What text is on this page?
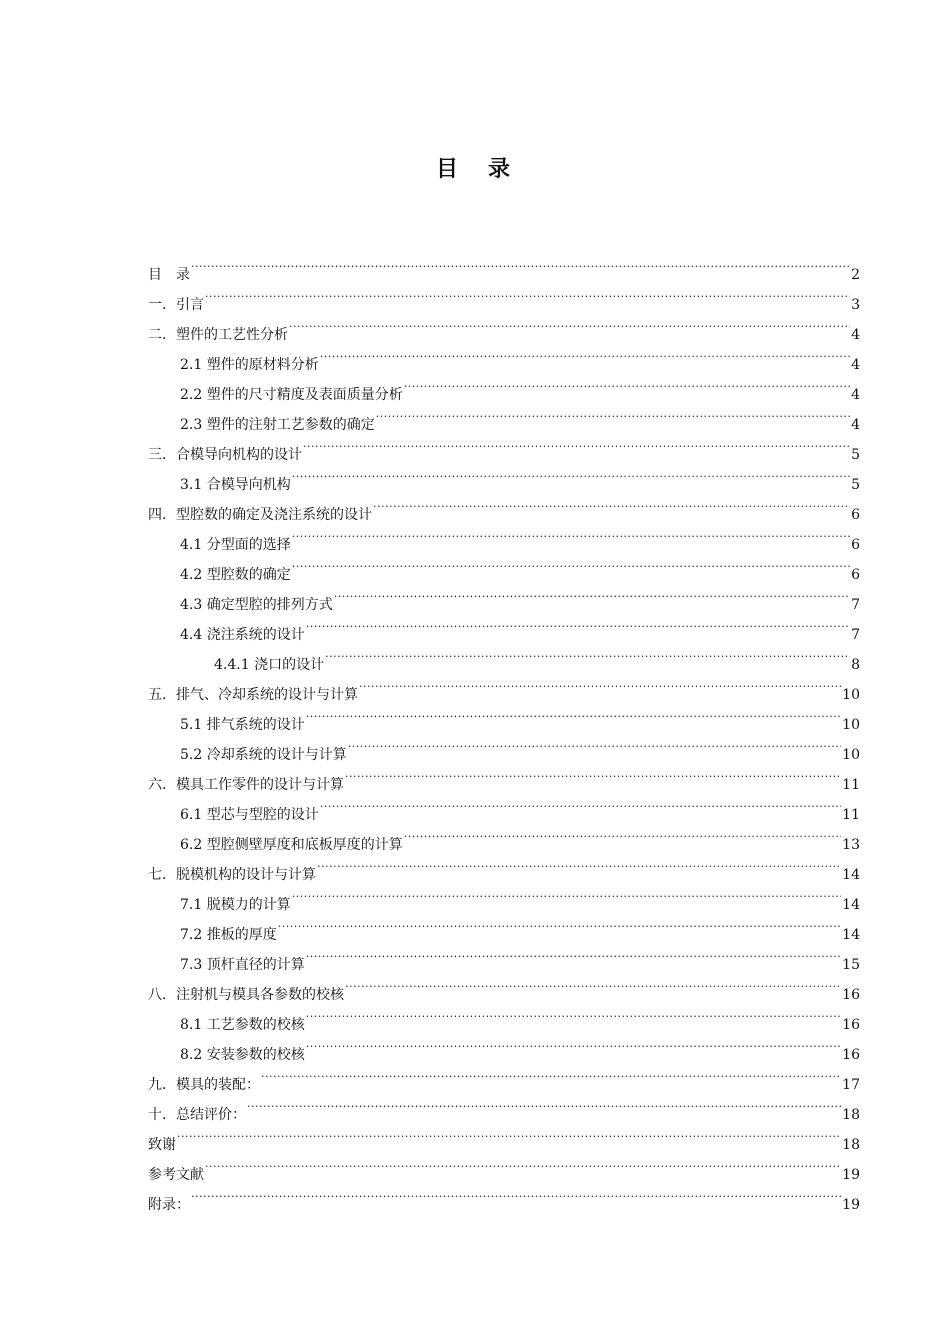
目　录
目　录 .....	2
一．引言 .....	3
二．塑件的工艺性分析 .....	4
2.1 塑件的原材料分析 .....	4
2.2 塑件的尺寸精度及表面质量分析 .....	4
2.3 塑件的注射工艺参数的确定 .....	4
三．合模导向机构的设计 .....	5
3.1 合模导向机构 .....	5
四．型腔数的确定及浇注系统的设计 .....	6
4.1 分型面的选择 .....	6
4.2 型腔数的确定 .....	6
4.3 确定型腔的排列方式 .....	7
4.4 浇注系统的设计 .....	7
4.4.1 浇口的设计 .....	8
五．排气、冷却系统的设计与计算 .....	10
5.1 排气系统的设计 .....	10
5.2 冷却系统的设计与计算 .....	10
六．模具工作零件的设计与计算 .....	11
6.1 型芯与型腔的设计 .....	11
6.2 型腔侧壁厚度和底板厚度的计算 .....	13
七．脱模机构的设计与计算 .....	14
7.1 脱模力的计算 .....	14
7.2 推板的厚度 .....	14
7.3 顶杆直径的计算 .....	15
八．注射机与模具各参数的校核 .....	16
8.1 工艺参数的校核 .....	16
8.2 安装参数的校核 .....	16
九．模具的装配： .....	17
十．总结评价： .....	18
致谢 .....	18
参考文献 .....	19
附录： .....	19
